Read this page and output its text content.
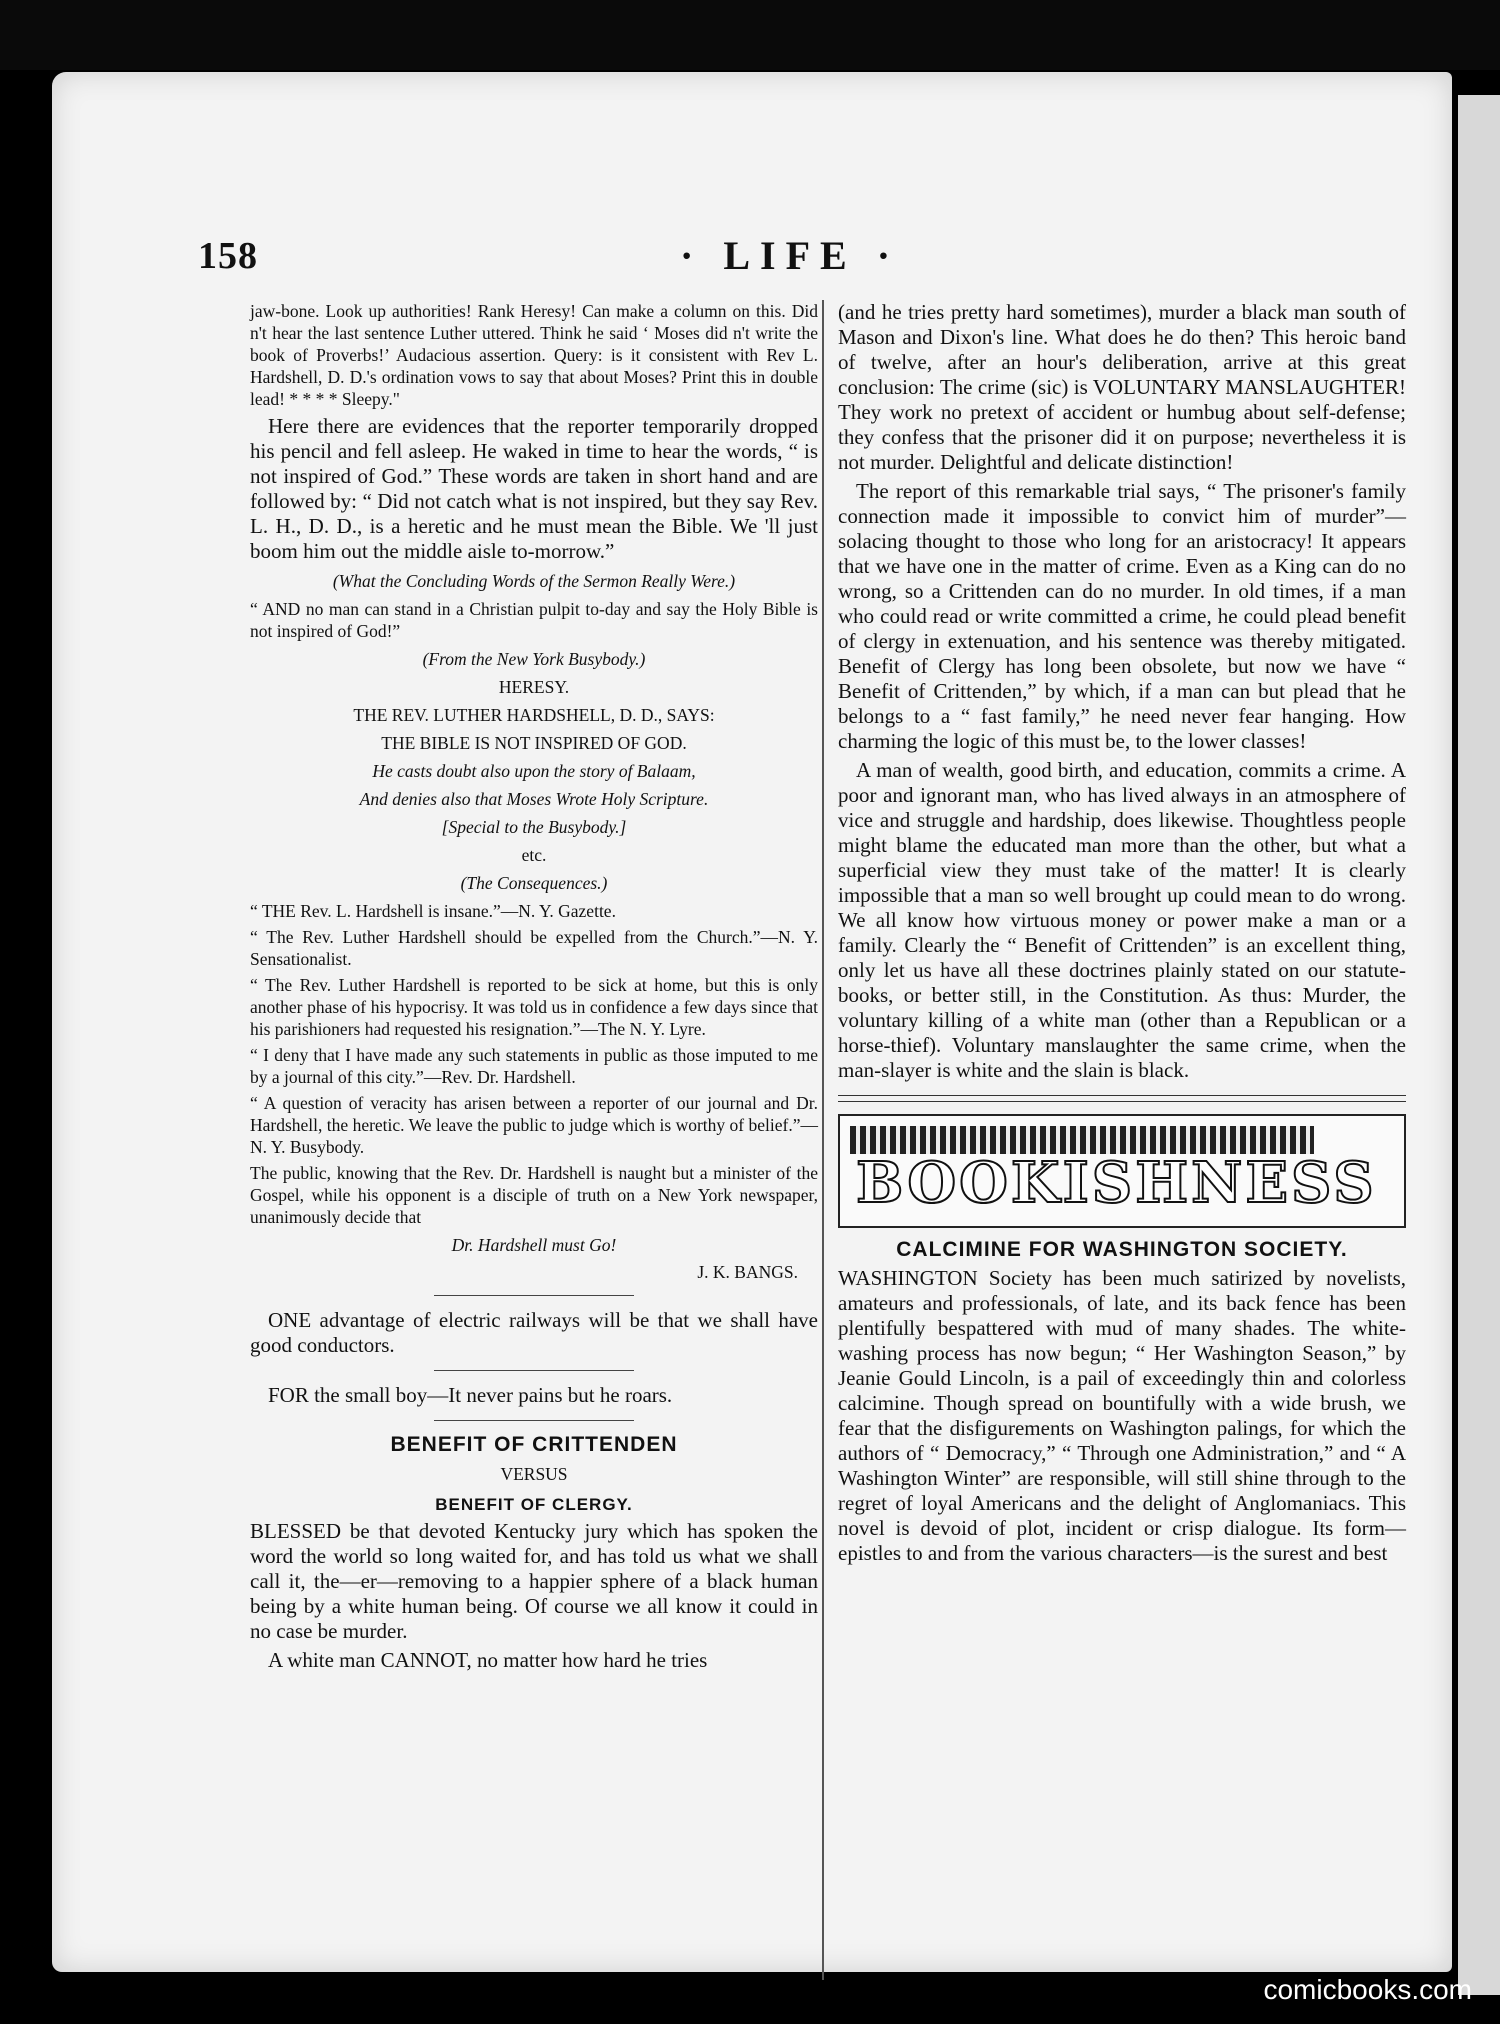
158	· LIFE ·

jaw-bone. Look up authorities! Rank Heresy! Can make a column on this. Did n't hear the last sentence Luther uttered. Think he said ‘ Moses did n't write the book of Proverbs!’ Audacious assertion. Query: is it consistent with Rev L. Hardshell, D. D.'s ordination vows to say that about Moses? Print this in double lead! * * * * Sleepy."

Here there are evidences that the reporter temporarily dropped his pencil and fell asleep. He waked in time to hear the words, “ is not inspired of God.” These words are taken in short hand and are followed by: “ Did not catch what is not inspired, but they say Rev. L. H., D. D., is a heretic and he must mean the Bible. We 'll just boom him out the middle aisle to-morrow.”

(What the Concluding Words of the Sermon Really Were.)

“ AND no man can stand in a Christian pulpit to-day and say the Holy Bible is not inspired of God!”

(From the New York Busybody.)

HERESY.

THE REV. LUTHER HARDSHELL, D. D., SAYS:

THE BIBLE IS NOT INSPIRED OF GOD.

He casts doubt also upon the story of Balaam,

And denies also that Moses Wrote Holy Scripture.

[Special to the Busybody.]

etc.

(The Consequences.)

“ THE Rev. L. Hardshell is insane.”—N. Y. Gazette.

“ The Rev. Luther Hardshell should be expelled from the Church.”—N. Y. Sensationalist.

“ The Rev. Luther Hardshell is reported to be sick at home, but this is only another phase of his hypocrisy. It was told us in confidence a few days since that his parishioners had requested his resignation.”—The N. Y. Lyre.

“ I deny that I have made any such statements in public as those imputed to me by a journal of this city.”—Rev. Dr. Hardshell.

“ A question of veracity has arisen between a reporter of our journal and Dr. Hardshell, the heretic. We leave the public to judge which is worthy of belief.”—N. Y. Busybody.

The public, knowing that the Rev. Dr. Hardshell is naught but a minister of the Gospel, while his opponent is a disciple of truth on a New York newspaper, unanimously decide that

Dr. Hardshell must Go!

J. K. BANGS.

ONE advantage of electric railways will be that we shall have good conductors.

FOR the small boy—It never pains but he roars.

BENEFIT OF CRITTENDEN

VERSUS

BENEFIT OF CLERGY.

BLESSED be that devoted Kentucky jury which has spoken the word the world so long waited for, and has told us what we shall call it, the—er—removing to a happier sphere of a black human being by a white human being. Of course we all know it could in no case be murder.

A white man CANNOT, no matter how hard he tries

(and he tries pretty hard sometimes), murder a black man south of Mason and Dixon's line. What does he do then? This heroic band of twelve, after an hour's deliberation, arrive at this great conclusion: The crime (sic) is VOLUNTARY MANSLAUGHTER! They work no pretext of accident or humbug about self-defense; they confess that the prisoner did it on purpose; nevertheless it is not murder. Delightful and delicate distinction!

The report of this remarkable trial says, “ The prisoner's family connection made it impossible to convict him of murder”—solacing thought to those who long for an aristocracy! It appears that we have one in the matter of crime. Even as a King can do no wrong, so a Crittenden can do no murder. In old times, if a man who could read or write committed a crime, he could plead benefit of clergy in extenuation, and his sentence was thereby mitigated. Benefit of Clergy has long been obsolete, but now we have “ Benefit of Crittenden,” by which, if a man can but plead that he belongs to a “ fast family,” he need never fear hanging. How charming the logic of this must be, to the lower classes!

A man of wealth, good birth, and education, commits a crime. A poor and ignorant man, who has lived always in an atmosphere of vice and struggle and hardship, does likewise. Thoughtless people might blame the educated man more than the other, but what a superficial view they must take of the matter! It is clearly impossible that a man so well brought up could mean to do wrong. We all know how virtuous money or power make a man or a family. Clearly the “ Benefit of Crittenden” is an excellent thing, only let us have all these doctrines plainly stated on our statute-books, or better still, in the Constitution. As thus: Murder, the voluntary killing of a white man (other than a Republican or a horse-thief). Voluntary manslaughter the same crime, when the man-slayer is white and the slain is black.

BOOKISHNESS
CALCIMINE FOR WASHINGTON SOCIETY.

WASHINGTON Society has been much satirized by novelists, amateurs and professionals, of late, and its back fence has been plentifully bespattered with mud of many shades. The white-washing process has now begun; “ Her Washington Season,” by Jeanie Gould Lincoln, is a pail of exceedingly thin and colorless calcimine. Though spread on bountifully with a wide brush, we fear that the disfigurements on Washington palings, for which the authors of “ Democracy,” “ Through one Administration,” and “ A Washington Winter” are responsible, will still shine through to the regret of loyal Americans and the delight of Anglomaniacs. This novel is devoid of plot, incident or crisp dialogue. Its form—epistles to and from the various characters—is the surest and best

comicbooks.com
